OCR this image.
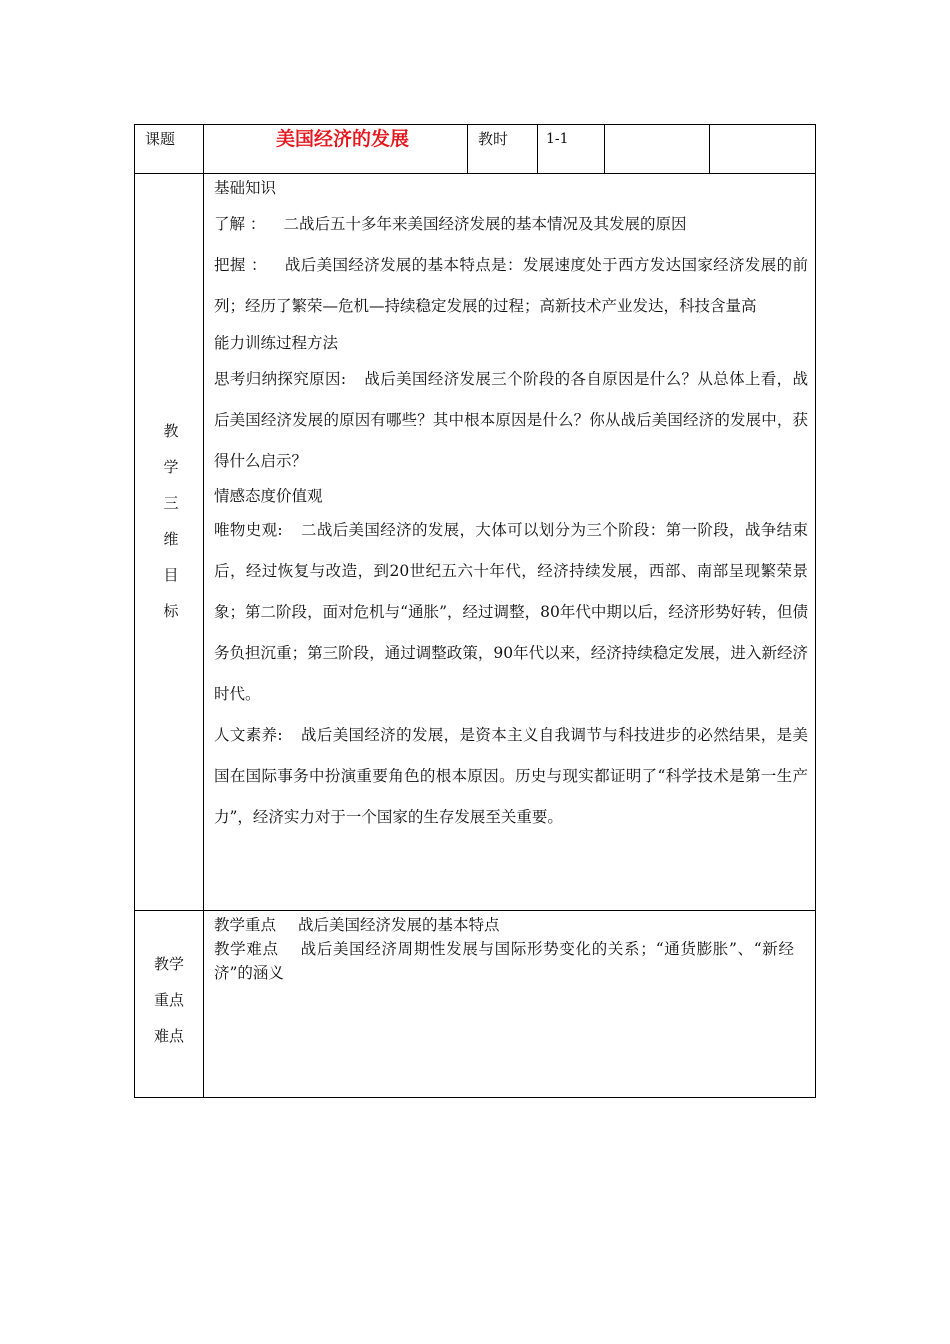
课题	美国经济的发展	教时	1-1
教
学
三
维
目
标
基础知识
了解 ： 二战后五十多年来美国经济发展的基本情况及其发展的原因
把握 ： 战后美国经济发展的基本特点是：发展速度处于西方发达国家经济发展的前列；经历了繁荣—危机—持续稳定发展的过程；高新技术产业发达，科技含量高
能力训练过程方法
思考归纳探究原因: 战后美国经济发展三个阶段的各自原因是什么？从总体上看，战后美国经济发展的原因有哪些？其中根本原因是什么？你从战后美国经济的发展中，获得什么启示？
情感态度价值观
唯物史观: 二战后美国经济的发展，大体可以划分为三个阶段：第一阶段，战争结束后，经过恢复与改造，到20世纪五六十年代，经济持续发展，西部、南部呈现繁荣景象；第二阶段，面对危机与“通胀”，经过调整，80年代中期以后，经济形势好转，但债务负担沉重；第三阶段，通过调整政策，90年代以来，经济持续稳定发展，进入新经济时代。
人文素养: 战后美国经济的发展，是资本主义自我调节与科技进步的必然结果，是美国在国际事务中扮演重要角色的根本原因。历史与现实都证明了“科学技术是第一生产力”，经济实力对于一个国家的生存发展至关重要。
教学
重点
难点
教学重点 战后美国经济发展的基本特点
教学难点 战后美国经济周期性发展与国际形势变化的关系；“通货膨胀”、“新经济”的涵义
